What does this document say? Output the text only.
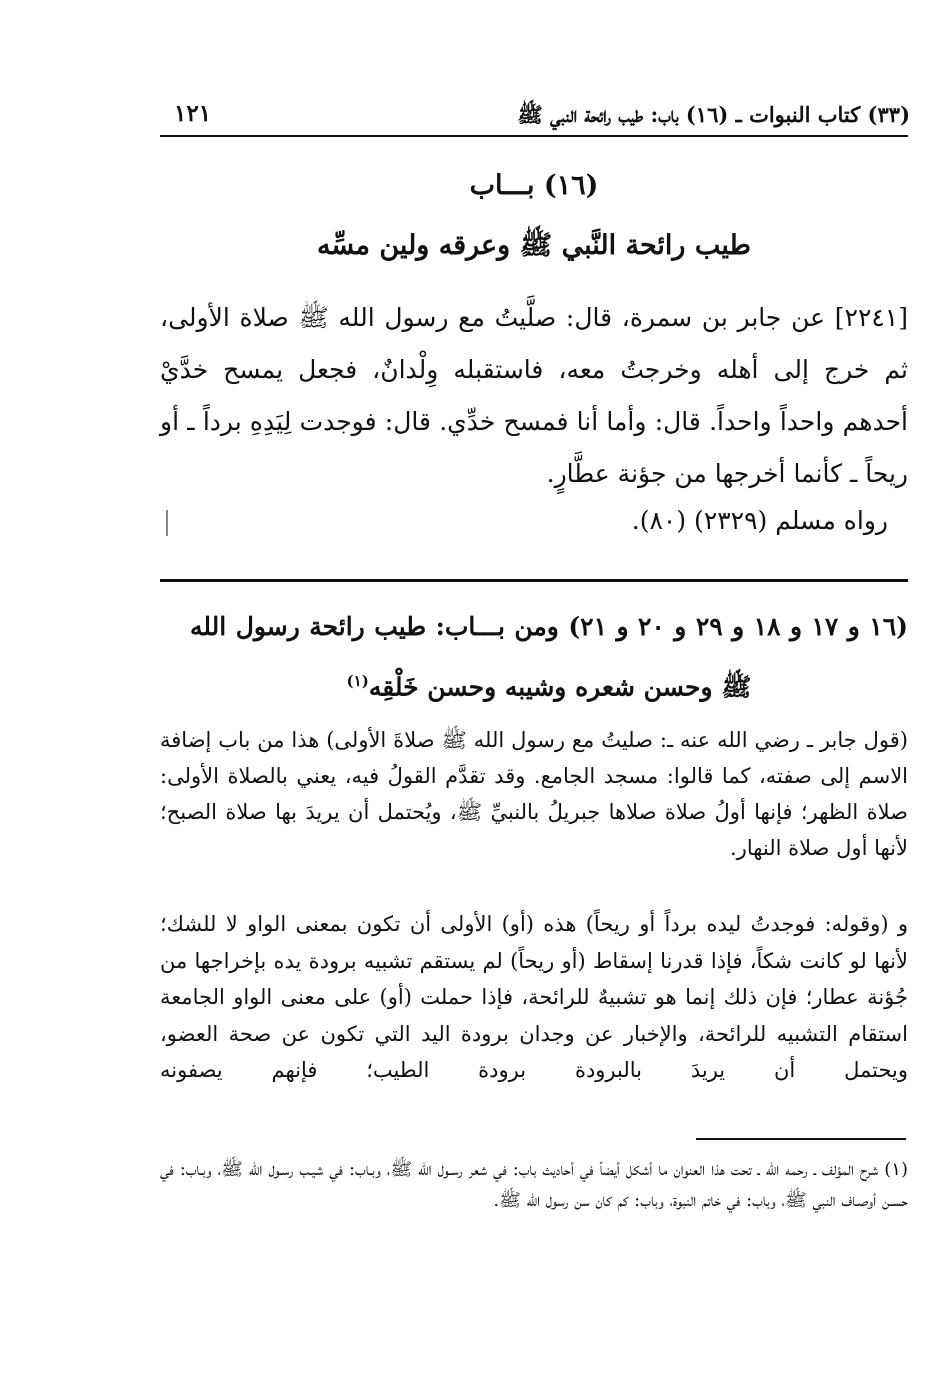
(٣٣) كتاب النبوات ـ (١٦) باب: طيب رائحة النبي ﷺ
١٢١
(١٦) بـــاب
طيب رائحة النَّبي ﷺ وعرقه ولين مسِّه
[٢٢٤١] عن جابر بن سمرة، قال: صلَّيتُ مع رسول الله ﷺ صلاة الأولى، ثم خرج إلى أهله وخرجتُ معه، فاستقبله وِلْدانٌ، فجعل يمسح خدَّيْ أحدهم واحداً واحداً. قال: وأما أنا فمسح خدِّي. قال: فوجدت لِيَدِهِ برداً ـ أو ريحاً ـ كأنما أخرجها من جؤنة عطَّارٍ.
رواه مسلم (٢٣٢٩) (٨٠).
(١٦ و ١٧ و ١٨ و ٢٩ و ٢٠ و ٢١) ومن بـــاب: طيب رائحة رسول الله ﷺ وحسن شعره وشيبه وحسن خَلْقِه$^{(١)}$
(قول جابر ـ رضي الله عنه ـ: صليتُ مع رسول الله ﷺ صلاةَ الأولى) هذا من باب إضافة الاسم إلى صفته، كما قالوا: مسجد الجامع. وقد تقدَّم القولُ فيه، يعني بالصلاة الأولى: صلاة الظهر؛ فإنها أولُ صلاة صلاها جبريلُ بالنبيِّ ﷺ، ويُحتمل أن يريدَ بها صلاة الصبح؛ لأنها أول صلاة النهار.
و (وقوله: فوجدتُ ليده برداً أو ريحاً) هذه (أو) الأولى أن تكون بمعنى الواو لا للشك؛ لأنها لو كانت شكاً، فإذا قدرنا إسقاط (أو ريحاً) لم يستقم تشبيه برودة يده بإخراجها من جُؤنة عطار؛ فإن ذلك إنما هو تشبيهٌ للرائحة، فإذا حملت (أو) على معنى الواو الجامعة استقام التشبيه للرائحة، والإخبار عن وجدان برودة اليد التي تكون عن صحة العضو، ويحتمل أن يريدَ بالبرودة برودة الطيب؛ فإنهم يصفونه
(١) شرح المؤلف ـ رحمه الله ـ تحت هذا العنوان ما أشكل أيضاً في أحاديث باب: في شعر رسـول الله ﷺ، وبـاب: في شيـب رسـول الله ﷺ، وبـاب: في حسـن أوصـاف النبي ﷺ، وباب: في خاتم النبوة، وباب: كم كان سن رسول الله ﷺ.
